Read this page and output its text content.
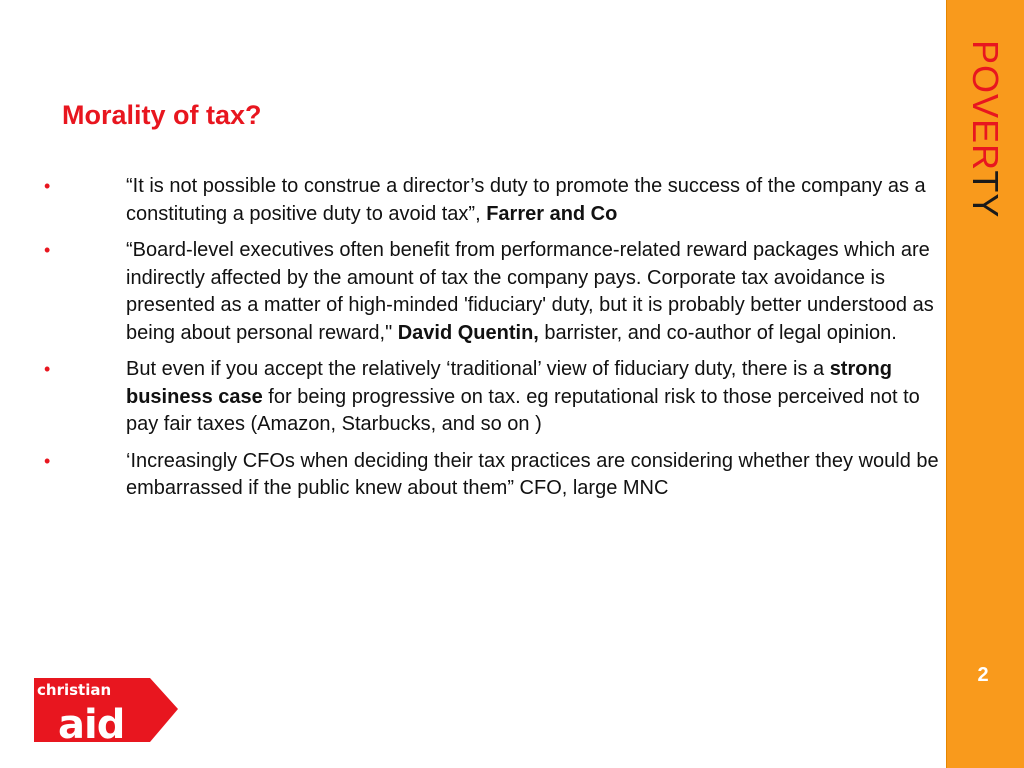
POVERTY
2
Morality of tax?
•	“It is not possible to construe a director’s duty to promote the success of the company as a constituting a positive duty to avoid tax”, Farrer and Co
•	“Board-level executives often benefit from performance-related reward packages which are indirectly affected by the amount of tax the company pays. Corporate tax avoidance is presented as a matter of high-minded 'fiduciary' duty, but it is probably better understood as being about personal reward," David Quentin, barrister, and co-author of legal opinion.
•	But even if you accept the relatively ‘traditional’ view of fiduciary duty, there is a strong business case for being progressive on tax. eg reputational risk to those perceived not to pay fair taxes (Amazon, Starbucks, and so on )
•	‘Increasingly CFOs when deciding their tax practices are considering whether they would be embarrassed if the public knew about them” CFO, large MNC
christian
aid
